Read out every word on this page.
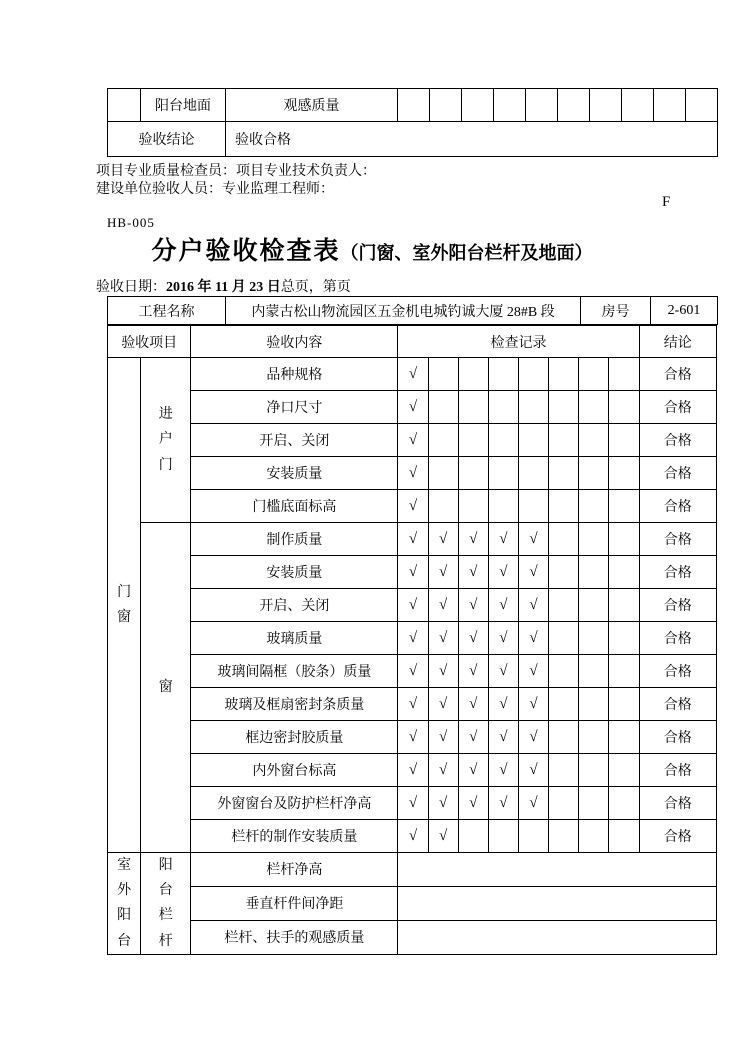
	阳台地面	观感质量										
验收结论		验收合格										
项目专业质量检查员：项目专业技术负责人：
建设单位验收人员：专业监理工程师：
F
HB-005
分户验收检查表（门窗、室外阳台栏杆及地面）
验收日期：2016 年 11 月 23 日总页，第页
工程名称	内蒙古松山物流园区五金机电城钓诚大厦 28#B 段	房号	2-601
验收项目		验收内容	检查记录								结论
门窗	进户门	品种规格	√								合格
		净口尺寸	√								合格
		开启、关闭	√								合格
		安装质量	√								合格
		门槛底面标高	√								合格
	窗	制作质量	√	√	√	√	√				合格
		安装质量	√	√	√	√	√				合格
		开启、关闭	√	√	√	√	√				合格
		玻璃质量	√	√	√	√	√				合格
		玻璃间隔框（胶条）质量	√	√	√	√	√				合格
		玻璃及框扇密封条质量	√	√	√	√	√				合格
		框边密封胶质量	√	√	√	√	√				合格
		内外窗台标高	√	√	√	√	√				合格
		外窗窗台及防护栏杆净高	√	√	√	√	√				合格
		栏杆的制作安装质量	√	√							合格
室外阳台	阳台栏杆	栏杆净高									
		垂直杆件间净距									
		栏杆、扶手的观感质量									
